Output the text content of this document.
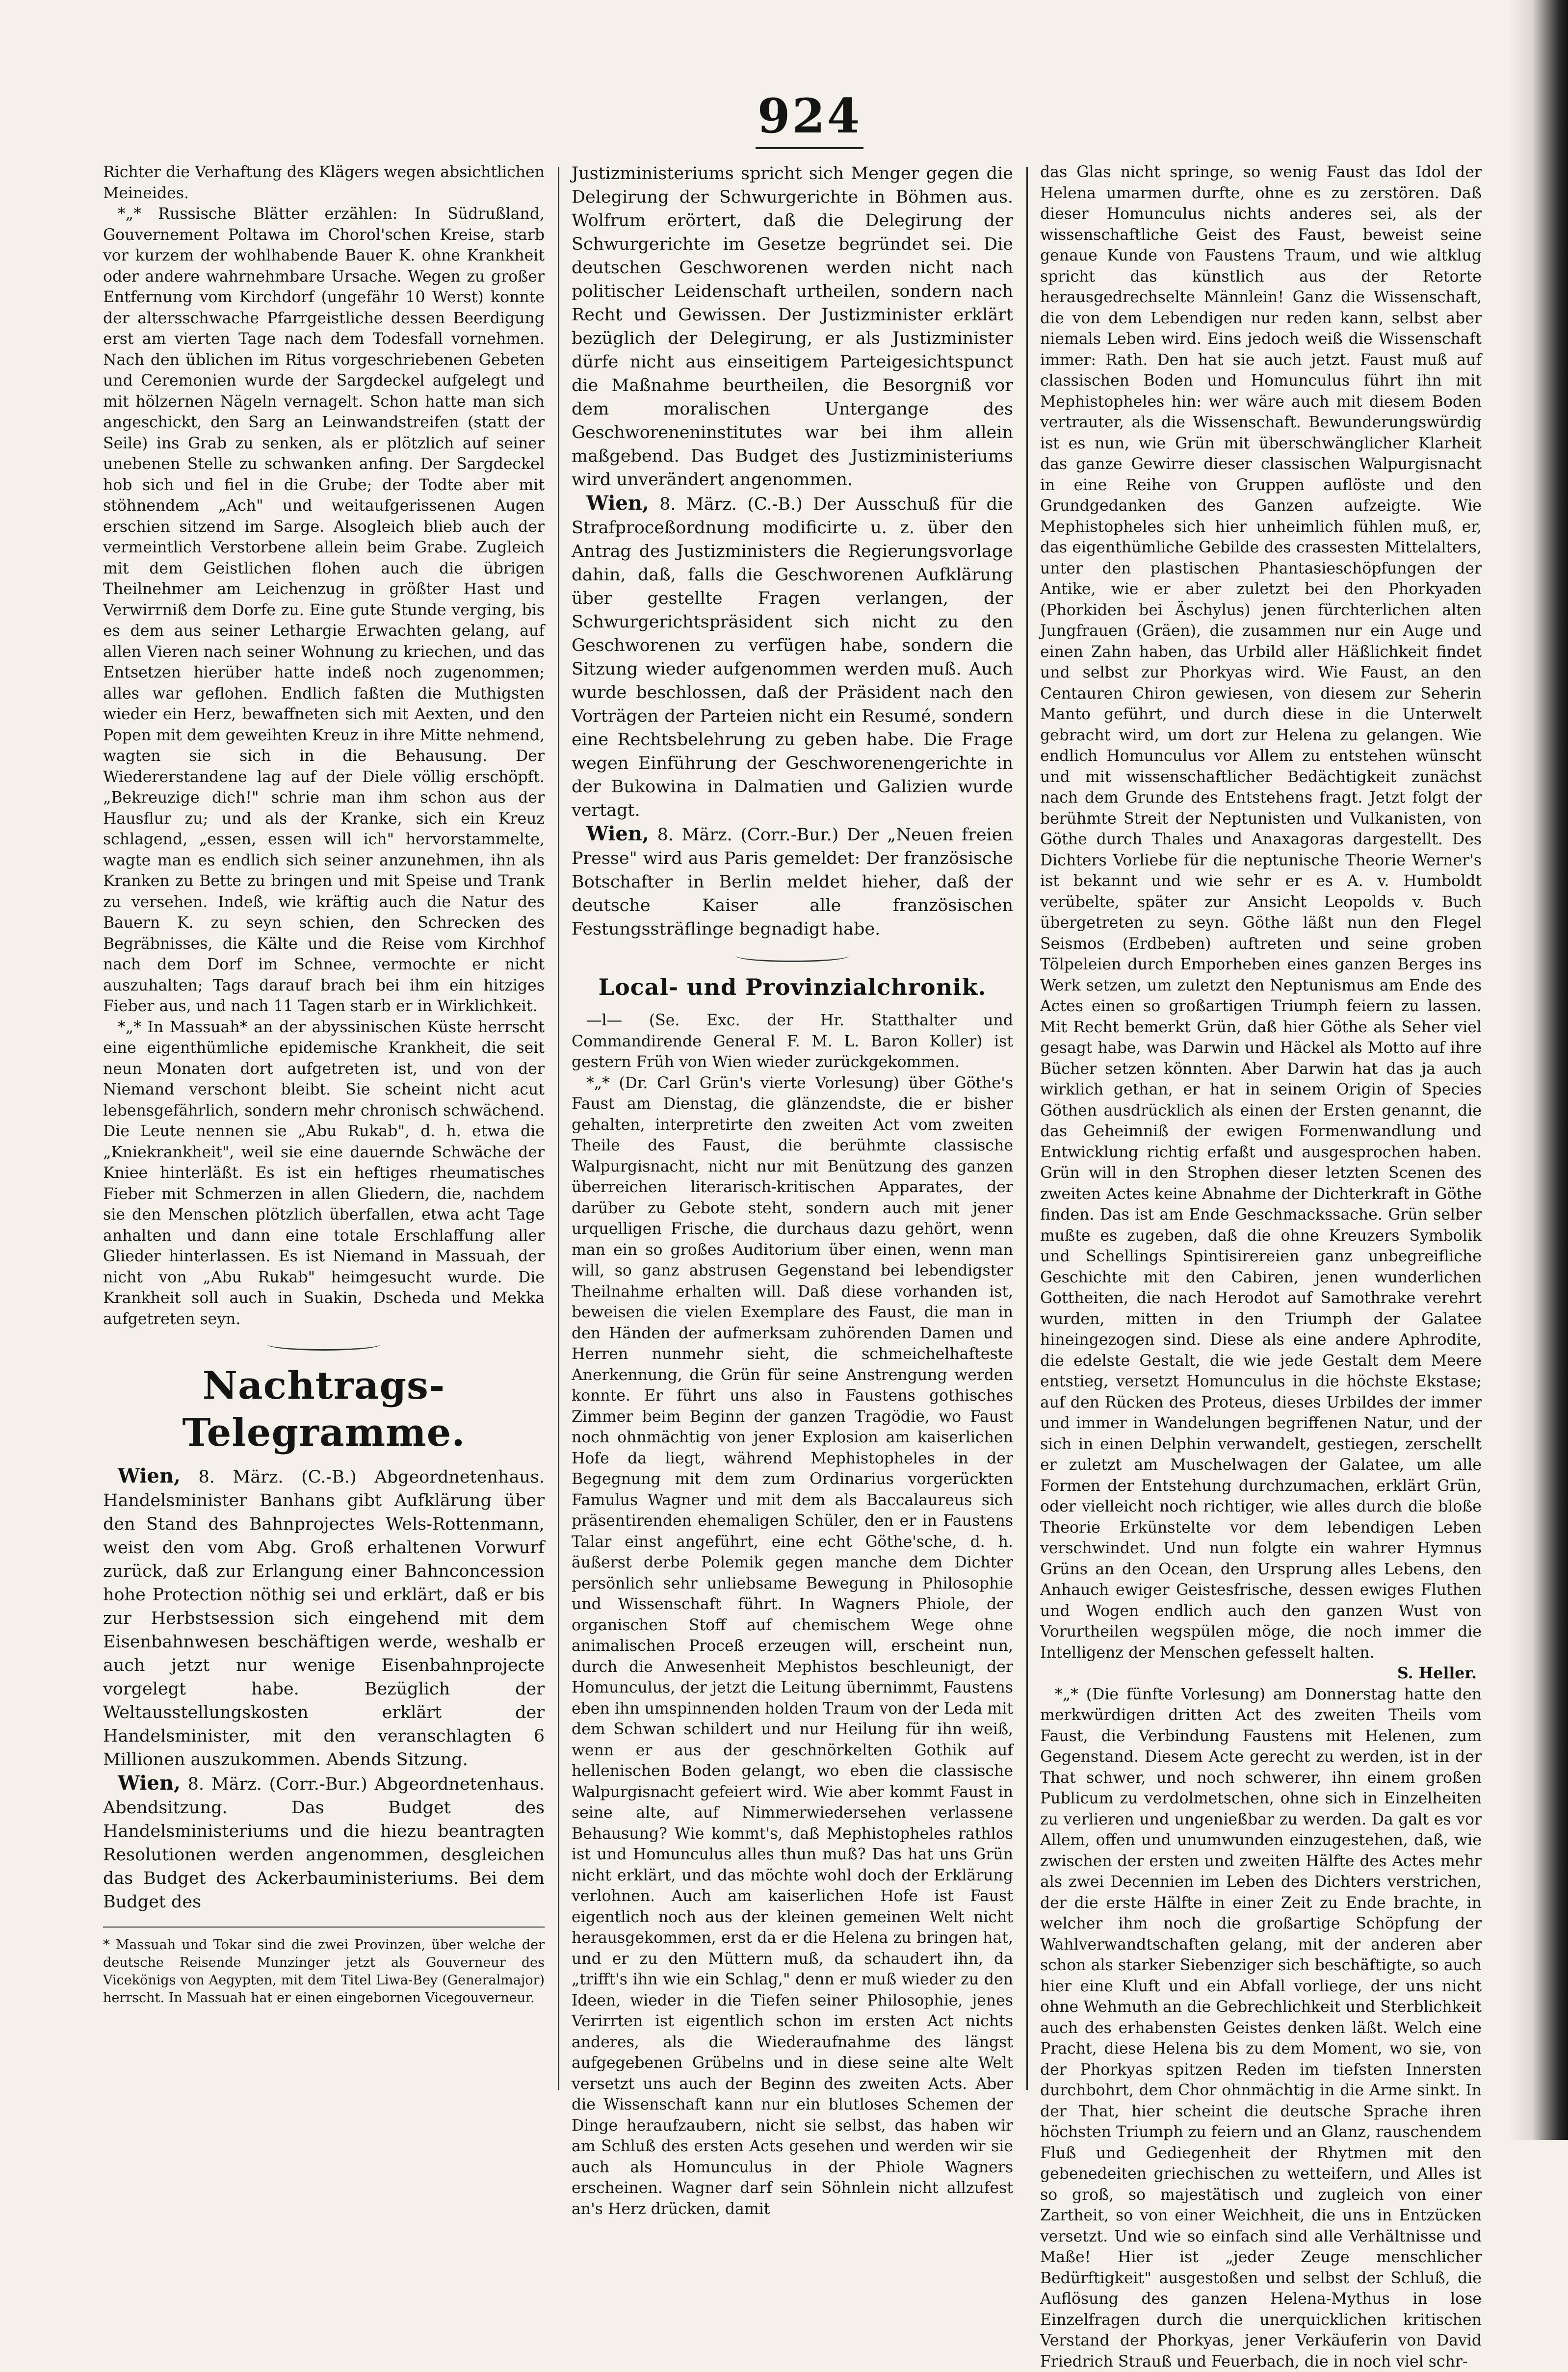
924

Richter die Verhaftung des Klägers wegen absichtlichen Meineides.

*„* Russische Blätter erzählen: In Südrußland, Gouvernement Poltawa im Chorol'schen Kreise, starb vor kurzem der wohlhabende Bauer K. ohne Krankheit oder andere wahrnehmbare Ursache. Wegen zu großer Entfernung vom Kirchdorf (ungefähr 10 Werst) konnte der altersschwache Pfarrgeistliche dessen Beerdigung erst am vierten Tage nach dem Todesfall vornehmen. Nach den üblichen im Ritus vorgeschriebenen Gebeten und Ceremonien wurde der Sargdeckel aufgelegt und mit hölzernen Nägeln vernagelt. Schon hatte man sich angeschickt, den Sarg an Leinwandstreifen (statt der Seile) ins Grab zu senken, als er plötzlich auf seiner unebenen Stelle zu schwanken anfing. Der Sargdeckel hob sich und fiel in die Grube; der Todte aber mit stöhnendem „Ach" und weitaufgerissenen Augen erschien sitzend im Sarge. Alsogleich blieb auch der vermeintlich Verstorbene allein beim Grabe. Zugleich mit dem Geistlichen flohen auch die übrigen Theilnehmer am Leichenzug in größter Hast und Verwirrniß dem Dorfe zu. Eine gute Stunde verging, bis es dem aus seiner Lethargie Erwachten gelang, auf allen Vieren nach seiner Wohnung zu kriechen, und das Entsetzen hierüber hatte indeß noch zugenommen; alles war geflohen. Endlich faßten die Muthigsten wieder ein Herz, bewaffneten sich mit Aexten, und den Popen mit dem geweihten Kreuz in ihre Mitte nehmend, wagten sie sich in die Behausung. Der Wiedererstandene lag auf der Diele völlig erschöpft. „Bekreuzige dich!" schrie man ihm schon aus der Hausflur zu; und als der Kranke, sich ein Kreuz schlagend, „essen, essen will ich" hervorstammelte, wagte man es endlich sich seiner anzunehmen, ihn als Kranken zu Bette zu bringen und mit Speise und Trank zu versehen. Indeß, wie kräftig auch die Natur des Bauern K. zu seyn schien, den Schrecken des Begräbnisses, die Kälte und die Reise vom Kirchhof nach dem Dorf im Schnee, vermochte er nicht auszuhalten; Tags darauf brach bei ihm ein hitziges Fieber aus, und nach 11 Tagen starb er in Wirklichkeit.

*„* In Massuah* an der abyssinischen Küste herrscht eine eigenthümliche epidemische Krankheit, die seit neun Monaten dort aufgetreten ist, und von der Niemand verschont bleibt. Sie scheint nicht acut lebensgefährlich, sondern mehr chronisch schwächend. Die Leute nennen sie „Abu Rukab", d. h. etwa die „Kniekrankheit", weil sie eine dauernde Schwäche der Kniee hinterläßt. Es ist ein heftiges rheumatisches Fieber mit Schmerzen in allen Gliedern, die, nachdem sie den Menschen plötzlich überfallen, etwa acht Tage anhalten und dann eine totale Erschlaffung aller Glieder hinterlassen. Es ist Niemand in Massuah, der nicht von „Abu Rukab" heimgesucht wurde. Die Krankheit soll auch in Suakin, Dscheda und Mekka aufgetreten seyn.

Nachtrags-Telegramme.

Wien, 8. März. (C.-B.) Abgeordnetenhaus. Handelsminister Banhans gibt Aufklärung über den Stand des Bahnprojectes Wels-Rottenmann, weist den vom Abg. Groß erhaltenen Vorwurf zurück, daß zur Erlangung einer Bahnconcession hohe Protection nöthig sei und erklärt, daß er bis zur Herbstsession sich eingehend mit dem Eisenbahnwesen beschäftigen werde, weshalb er auch jetzt nur wenige Eisenbahnprojecte vorgelegt habe. Bezüglich der Weltausstellungskosten erklärt der Handelsminister, mit den veranschlagten 6 Millionen auszukommen. Abends Sitzung.

Wien, 8. März. (Corr.-Bur.) Abgeordnetenhaus. Abendsitzung. Das Budget des Handelsministeriums und die hiezu beantragten Resolutionen werden angenommen, desgleichen das Budget des Ackerbauministeriums. Bei dem Budget des

* Massuah und Tokar sind die zwei Provinzen, über welche der deutsche Reisende Munzinger jetzt als Gouverneur des Vicekönigs von Aegypten, mit dem Titel Liwa-Bey (Generalmajor) herrscht. In Massuah hat er einen eingebornen Vicegouverneur.

Justizministeriums spricht sich Menger gegen die Delegirung der Schwurgerichte in Böhmen aus. Wolfrum erörtert, daß die Delegirung der Schwurgerichte im Gesetze begründet sei. Die deutschen Geschworenen werden nicht nach politischer Leidenschaft urtheilen, sondern nach Recht und Gewissen. Der Justizminister erklärt bezüglich der Delegirung, er als Justizminister dürfe nicht aus einseitigem Parteigesichtspunct die Maßnahme beurtheilen, die Besorgniß vor dem moralischen Untergange des Geschworeneninstitutes war bei ihm allein maßgebend. Das Budget des Justizministeriums wird unverändert angenommen.

Wien, 8. März. (C.-B.) Der Ausschuß für die Strafproceßordnung modificirte u. z. über den Antrag des Justizministers die Regierungsvorlage dahin, daß, falls die Geschworenen Aufklärung über gestellte Fragen verlangen, der Schwurgerichtspräsident sich nicht zu den Geschworenen zu verfügen habe, sondern die Sitzung wieder aufgenommen werden muß. Auch wurde beschlossen, daß der Präsident nach den Vorträgen der Parteien nicht ein Resumé, sondern eine Rechtsbelehrung zu geben habe. Die Frage wegen Einführung der Geschworenengerichte in der Bukowina in Dalmatien und Galizien wurde vertagt.

Wien, 8. März. (Corr.-Bur.) Der „Neuen freien Presse" wird aus Paris gemeldet: Der französische Botschafter in Berlin meldet hieher, daß der deutsche Kaiser alle französischen Festungssträflinge begnadigt habe.

Local- und Provinzialchronik.

—l— (Se. Exc. der Hr. Statthalter und Commandirende General F. M. L. Baron Koller) ist gestern Früh von Wien wieder zurückgekommen.

*„* (Dr. Carl Grün's vierte Vorlesung) über Göthe's Faust am Dienstag, die glänzendste, die er bisher gehalten, interpretirte den zweiten Act vom zweiten Theile des Faust, die berühmte classische Walpurgisnacht, nicht nur mit Benützung des ganzen überreichen literarisch-kritischen Apparates, der darüber zu Gebote steht, sondern auch mit jener urquelligen Frische, die durchaus dazu gehört, wenn man ein so großes Auditorium über einen, wenn man will, so ganz abstrusen Gegenstand bei lebendigster Theilnahme erhalten will. Daß diese vorhanden ist, beweisen die vielen Exemplare des Faust, die man in den Händen der aufmerksam zuhörenden Damen und Herren nunmehr sieht, die schmeichelhafteste Anerkennung, die Grün für seine Anstrengung werden konnte. Er führt uns also in Faustens gothisches Zimmer beim Beginn der ganzen Tragödie, wo Faust noch ohnmächtig von jener Explosion am kaiserlichen Hofe da liegt, während Mephistopheles in der Begegnung mit dem zum Ordinarius vorgerückten Famulus Wagner und mit dem als Baccalaureus sich präsentirenden ehemaligen Schüler, den er in Faustens Talar einst angeführt, eine echt Göthe'sche, d. h. äußerst derbe Polemik gegen manche dem Dichter persönlich sehr unliebsame Bewegung in Philosophie und Wissenschaft führt. In Wagners Phiole, der organischen Stoff auf chemischem Wege ohne animalischen Proceß erzeugen will, erscheint nun, durch die Anwesenheit Mephistos beschleunigt, der Homunculus, der jetzt die Leitung übernimmt, Faustens eben ihn umspinnenden holden Traum von der Leda mit dem Schwan schildert und nur Heilung für ihn weiß, wenn er aus der geschnörkelten Gothik auf hellenischen Boden gelangt, wo eben die classische Walpurgisnacht gefeiert wird. Wie aber kommt Faust in seine alte, auf Nimmerwiedersehen verlassene Behausung? Wie kommt's, daß Mephistopheles rathlos ist und Homunculus alles thun muß? Das hat uns Grün nicht erklärt, und das möchte wohl doch der Erklärung verlohnen. Auch am kaiserlichen Hofe ist Faust eigentlich noch aus der kleinen gemeinen Welt nicht herausgekommen, erst da er die Helena zu bringen hat, und er zu den Müttern muß, da schaudert ihn, da „trifft's ihn wie ein Schlag," denn er muß wieder zu den Ideen, wieder in die Tiefen seiner Philosophie, jenes Verirrten ist eigentlich schon im ersten Act nichts anderes, als die Wiederaufnahme des längst aufgegebenen Grübelns und in diese seine alte Welt versetzt uns auch der Beginn des zweiten Acts. Aber die Wissenschaft kann nur ein blutloses Schemen der Dinge heraufzaubern, nicht sie selbst, das haben wir am Schluß des ersten Acts gesehen und werden wir sie auch als Homunculus in der Phiole Wagners erscheinen. Wagner darf sein Söhnlein nicht allzufest an's Herz drücken, damit

das Glas nicht springe, so wenig Faust das Idol der Helena umarmen durfte, ohne es zu zerstören. Daß dieser Homunculus nichts anderes sei, als der wissenschaftliche Geist des Faust, beweist seine genaue Kunde von Faustens Traum, und wie altklug spricht das künstlich aus der Retorte herausgedrechselte Männlein! Ganz die Wissenschaft, die von dem Lebendigen nur reden kann, selbst aber niemals Leben wird. Eins jedoch weiß die Wissenschaft immer: Rath. Den hat sie auch jetzt. Faust muß auf classischen Boden und Homunculus führt ihn mit Mephistopheles hin: wer wäre auch mit diesem Boden vertrauter, als die Wissenschaft. Bewunderungswürdig ist es nun, wie Grün mit überschwänglicher Klarheit das ganze Gewirre dieser classischen Walpurgisnacht in eine Reihe von Gruppen auflöste und den Grundgedanken des Ganzen aufzeigte. Wie Mephistopheles sich hier unheimlich fühlen muß, er, das eigenthümliche Gebilde des crassesten Mittelalters, unter den plastischen Phantasieschöpfungen der Antike, wie er aber zuletzt bei den Phorkyaden (Phorkiden bei Äschylus) jenen fürchterlichen alten Jungfrauen (Gräen), die zusammen nur ein Auge und einen Zahn haben, das Urbild aller Häßlichkeit findet und selbst zur Phorkyas wird. Wie Faust, an den Centauren Chiron gewiesen, von diesem zur Seherin Manto geführt, und durch diese in die Unterwelt gebracht wird, um dort zur Helena zu gelangen. Wie endlich Homunculus vor Allem zu entstehen wünscht und mit wissenschaftlicher Bedächtigkeit zunächst nach dem Grunde des Entstehens fragt. Jetzt folgt der berühmte Streit der Neptunisten und Vulkanisten, von Göthe durch Thales und Anaxagoras dargestellt. Des Dichters Vorliebe für die neptunische Theorie Werner's ist bekannt und wie sehr er es A. v. Humboldt verübelte, später zur Ansicht Leopolds v. Buch übergetreten zu seyn. Göthe läßt nun den Flegel Seismos (Erdbeben) auftreten und seine groben Tölpeleien durch Emporheben eines ganzen Berges ins Werk setzen, um zuletzt den Neptunismus am Ende des Actes einen so großartigen Triumph feiern zu lassen. Mit Recht bemerkt Grün, daß hier Göthe als Seher viel gesagt habe, was Darwin und Häckel als Motto auf ihre Bücher setzen könnten. Aber Darwin hat das ja auch wirklich gethan, er hat in seinem Origin of Species Göthen ausdrücklich als einen der Ersten genannt, die das Geheimniß der ewigen Formenwandlung und Entwicklung richtig erfaßt und ausgesprochen haben. Grün will in den Strophen dieser letzten Scenen des zweiten Actes keine Abnahme der Dichterkraft in Göthe finden. Das ist am Ende Geschmackssache. Grün selber mußte es zugeben, daß die ohne Kreuzers Symbolik und Schellings Spintisirereien ganz unbegreifliche Geschichte mit den Cabiren, jenen wunderlichen Gottheiten, die nach Herodot auf Samothrake verehrt wurden, mitten in den Triumph der Galatee hineingezogen sind. Diese als eine andere Aphrodite, die edelste Gestalt, die wie jede Gestalt dem Meere entstieg, versetzt Homunculus in die höchste Ekstase; auf den Rücken des Proteus, dieses Urbildes der immer und immer in Wandelungen begriffenen Natur, und der sich in einen Delphin verwandelt, gestiegen, zerschellt er zuletzt am Muschelwagen der Galatee, um alle Formen der Entstehung durchzumachen, erklärt Grün, oder vielleicht noch richtiger, wie alles durch die bloße Theorie Erkünstelte vor dem lebendigen Leben verschwindet. Und nun folgte ein wahrer Hymnus Grüns an den Ocean, den Ursprung alles Lebens, den Anhauch ewiger Geistesfrische, dessen ewiges Fluthen und Wogen endlich auch den ganzen Wust von Vorurtheilen wegspülen möge, die noch immer die Intelligenz der Menschen gefesselt halten.

S. Heller.

*„* (Die fünfte Vorlesung) am Donnerstag hatte den merkwürdigen dritten Act des zweiten Theils vom Faust, die Verbindung Faustens mit Helenen, zum Gegenstand. Diesem Acte gerecht zu werden, ist in der That schwer, und noch schwerer, ihn einem großen Publicum zu verdolmetschen, ohne sich in Einzelheiten zu verlieren und ungenießbar zu werden. Da galt es vor Allem, offen und unumwunden einzugestehen, daß, wie zwischen der ersten und zweiten Hälfte des Actes mehr als zwei Decennien im Leben des Dichters verstrichen, der die erste Hälfte in einer Zeit zu Ende brachte, in welcher ihm noch die großartige Schöpfung der Wahlverwandtschaften gelang, mit der anderen aber schon als starker Siebenziger sich beschäftigte, so auch hier eine Kluft und ein Abfall vorliege, der uns nicht ohne Wehmuth an die Gebrechlichkeit und Sterblichkeit auch des erhabensten Geistes denken läßt. Welch eine Pracht, diese Helena bis zu dem Moment, wo sie, von der Phorkyas spitzen Reden im tiefsten Innersten durchbohrt, dem Chor ohnmächtig in die Arme sinkt. In der That, hier scheint die deutsche Sprache ihren höchsten Triumph zu feiern und an Glanz, rauschendem Fluß und Gediegenheit der Rhytmen mit den gebenedeiten griechischen zu wetteifern, und Alles ist so groß, so majestätisch und zugleich von einer Zartheit, so von einer Weichheit, die uns in Entzücken versetzt. Und wie so einfach sind alle Verhältnisse und Maße! Hier ist „jeder Zeuge menschlicher Bedürftigkeit" ausgestoßen und selbst der Schluß, die Auflösung des ganzen Helena-Mythus in lose Einzelfragen durch die unerquicklichen kritischen Verstand der Phorkyas, jener Verkäuferin von David Friedrich Strauß und Feuerbach, die in noch viel schr-
